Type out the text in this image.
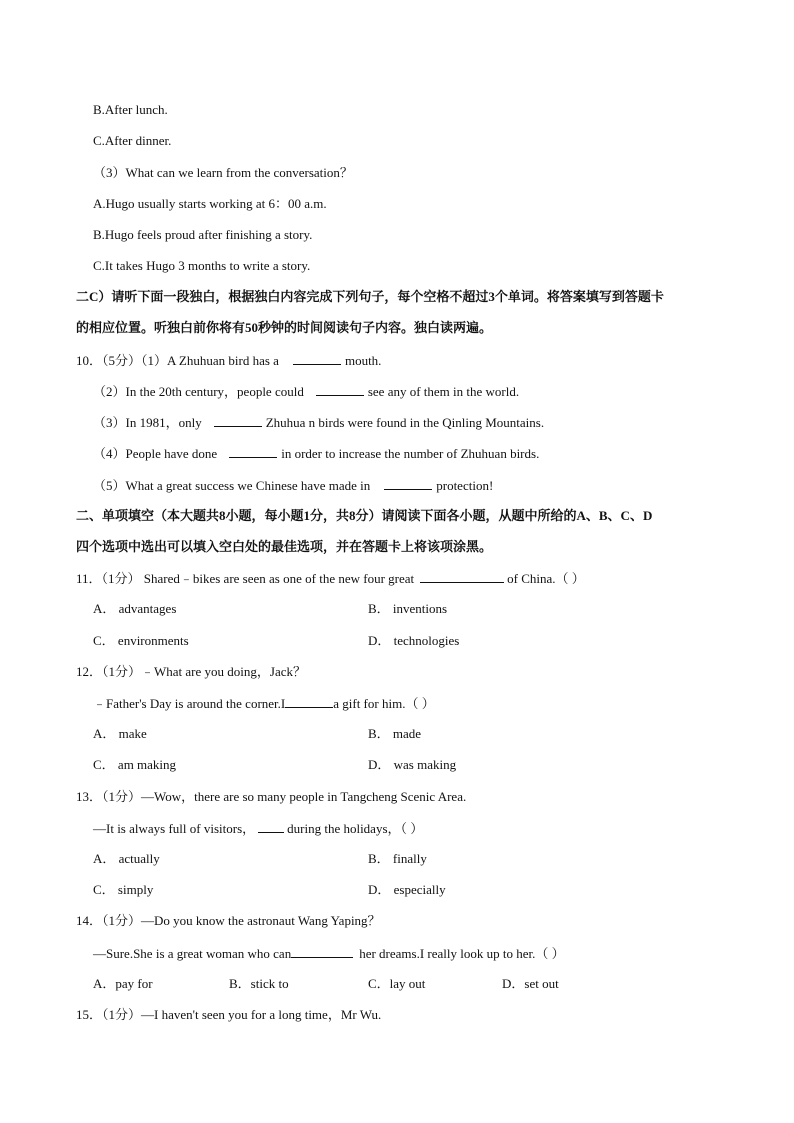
B.After lunch.
C.After dinner.
（3）What can we learn from the conversation？
A.Hugo usually starts working at 6：00 a.m.
B.Hugo feels proud after finishing a story.
C.It takes Hugo 3 months to write a story.
二C）请听下面一段独白，根据独白内容完成下列句子，每个空格不超过3个单词。将答案填写到答题卡
的相应位置。听独白前你将有50秒钟的时间阅读句子内容。独白读两遍。
10．（5分）（1）A Zhuhuan bird has a	mouth.
（2）In the 20th century，people could	see any of them in the world.
（3）In 1981，only	Zhuhua n birds were found in the Qinling Mountains.
（4）People have done	in order to increase the number of Zhuhuan birds.
（5）What a great success we Chinese have made in	protection!
二、单项填空（本大题共8小题，每小题1分，共8分）请阅读下面各小题，从题中所给的A、B、C、D
四个选项中选出可以填入空白处的最佳选项，并在答题卡上将该项涂黑。
11．（1分） Shared﹣bikes are seen as one of the new four great	of China.（ ）
A． advantages	B． inventions
C． environments	D． technologies
12．（1分）﹣What are you doing，Jack？
﹣Father's Day is around the corner.I	a gift for him.（ ）
A． make	B． made
C． am making	D． was making
13．（1分）—Wow，there are so many people in Tangcheng Scenic Area.
—It is always full of visitors， during the holidays，（ ）
A． actually	B． finally
C． simply	D． especially
14．（1分）—Do you know the astronaut Wang Yaping？
—Sure.She is a great woman who can	her dreams.I really look up to her.（ ）
A．pay for	B．stick to	C．lay out	D．set out
15．（1分）—I haven't seen you for a long time，Mr Wu.
